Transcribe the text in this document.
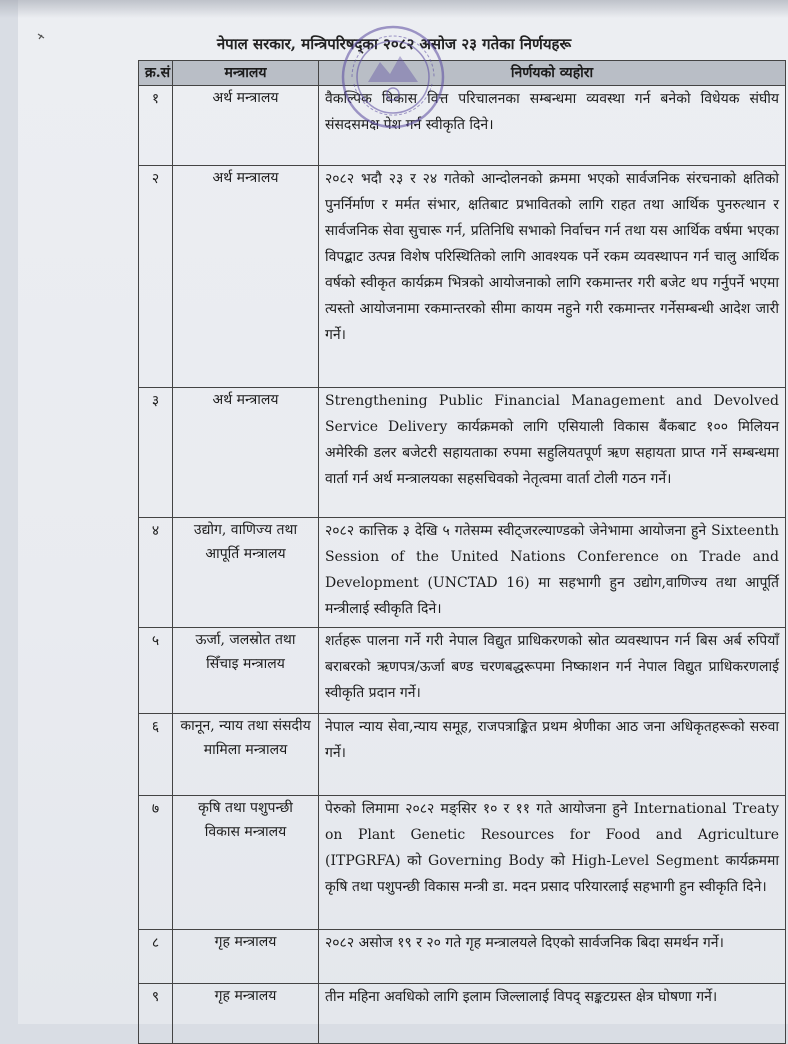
नेपाल सरकार, मन्त्रिपरिषद्का २०८२ असोज २३ गतेका निर्णयहरू
क्र.सं	मन्त्रालय	निर्णयको व्यहोरा
१	अर्थ मन्त्रालय	वैकल्पिक विकास वित्त परिचालनका सम्बन्धमा व्यवस्था गर्न बनेको विधेयक संघीय संसदसमक्ष पेश गर्न स्वीकृति दिने।
२	अर्थ मन्त्रालय	२०८२ भदौ २३ र २४ गतेको आन्दोलनको क्रममा भएको सार्वजनिक संरचनाको क्षतिको पुनर्निर्माण र मर्मत संभार, क्षतिबाट प्रभावितको लागि राहत तथा आर्थिक पुनरुत्थान र सार्वजनिक सेवा सुचारू गर्न, प्रतिनिधि सभाको निर्वाचन गर्न तथा यस आर्थिक वर्षमा भएका विपद्बाट उत्पन्न विशेष परिस्थितिको लागि आवश्यक पर्ने रकम व्यवस्थापन गर्न चालु आर्थिक वर्षको स्वीकृत कार्यक्रम भित्रको आयोजनाको लागि रकमान्तर गरी बजेट थप गर्नुपर्ने भएमा त्यस्तो आयोजनामा रकमान्तरको सीमा कायम नहुने गरी रकमान्तर गर्नेसम्बन्धी आदेश जारी गर्ने।
३	अर्थ मन्त्रालय	Strengthening Public Financial Management and Devolved Service Delivery कार्यक्रमको लागि एसियाली विकास बैंकबाट १०० मिलियन अमेरिकी डलर बजेटरी सहायताका रुपमा सहुलियतपूर्ण ऋण सहायता प्राप्त गर्ने सम्बन्धमा वार्ता गर्न अर्थ मन्त्रालयका सहसचिवको नेतृत्वमा वार्ता टोली गठन गर्ने।
४	उद्योग, वाणिज्य तथा आपूर्ति मन्त्रालय	२०८२ कात्तिक ३ देखि ५ गतेसम्म स्वीट्जरल्याण्डको जेनेभामा आयोजना हुने Sixteenth Session of the United Nations Conference on Trade and Development (UNCTAD 16) मा सहभागी हुन उद्योग,वाणिज्य तथा आपूर्ति मन्त्रीलाई स्वीकृति दिने।
५	ऊर्जा, जलस्रोत तथा सिँचाइ मन्त्रालय	शर्तहरू पालना गर्ने गरी नेपाल विद्युत प्राधिकरणको स्रोत व्यवस्थापन गर्न बिस अर्ब रुपियाँ बराबरको ऋणपत्र/ऊर्जा बण्ड चरणबद्धरूपमा निष्काशन गर्न नेपाल विद्युत प्राधिकरणलाई स्वीकृति प्रदान गर्ने।
६	कानून, न्याय तथा संसदीय मामिला मन्त्रालय	नेपाल न्याय सेवा,न्याय समूह, राजपत्राङ्कित प्रथम श्रेणीका आठ जना अधिकृतहरूको सरुवा गर्ने।
७	कृषि तथा पशुपन्छी विकास मन्त्रालय	पेरुको लिमामा २०८२ मङ्सिर १० र ११ गते आयोजना हुने International Treaty on Plant Genetic Resources for Food and Agriculture (ITPGRFA) को Governing Body को High-Level Segment कार्यक्रममा कृषि तथा पशुपन्छी विकास मन्त्री डा. मदन प्रसाद परियारलाई सहभागी हुन स्वीकृति दिने।
८	गृह मन्त्रालय	२०८२ असोज १९ र २० गते गृह मन्त्रालयले दिएको सार्वजनिक बिदा समर्थन गर्ने।
९	गृह मन्त्रालय	तीन महिना अवधिको लागि इलाम जिल्लालाई विपद् सङ्कटग्रस्त क्षेत्र घोषणा गर्ने।
